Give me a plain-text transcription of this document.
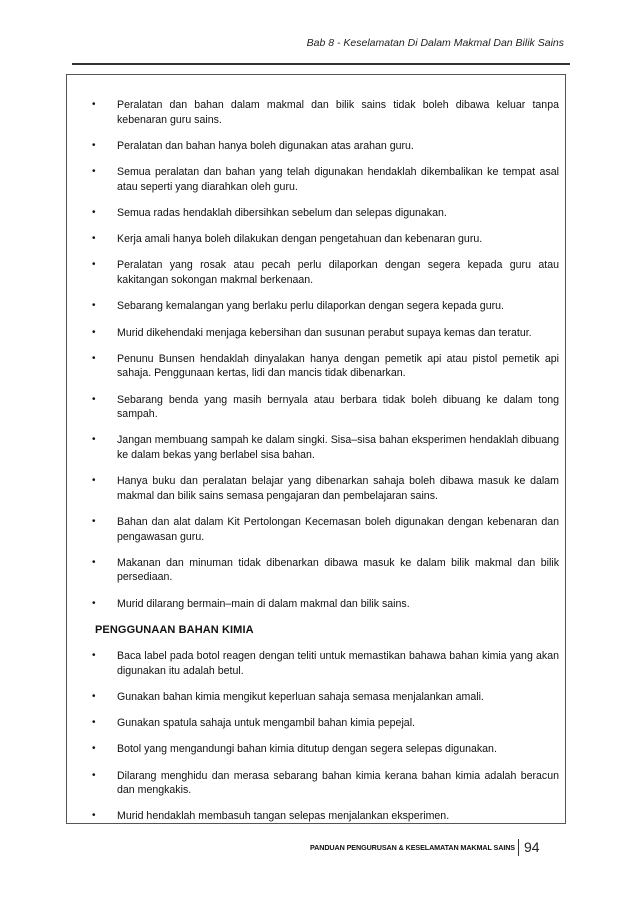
Bab 8 - Keselamatan Di Dalam Makmal Dan Bilik Sains
• Peralatan dan bahan dalam makmal dan bilik sains tidak boleh dibawa keluar tanpa kebenaran guru sains.
• Peralatan dan bahan hanya boleh digunakan atas arahan guru.
• Semua peralatan dan bahan yang telah digunakan hendaklah dikembalikan ke tempat asal atau seperti yang diarahkan oleh guru.
• Semua radas hendaklah dibersihkan sebelum dan selepas digunakan.
• Kerja amali hanya boleh dilakukan dengan pengetahuan dan kebenaran guru.
• Peralatan yang rosak atau pecah perlu dilaporkan dengan segera kepada guru atau kakitangan sokongan makmal berkenaan.
• Sebarang kemalangan yang berlaku perlu dilaporkan dengan segera kepada guru.
• Murid dikehendaki menjaga kebersihan dan susunan perabut supaya kemas dan teratur.
• Penunu Bunsen hendaklah dinyalakan hanya dengan pemetik api atau pistol pemetik api sahaja. Penggunaan kertas, lidi dan mancis tidak dibenarkan.
• Sebarang benda yang masih bernyala atau berbara tidak boleh dibuang ke dalam tong sampah.
• Jangan membuang sampah ke dalam singki. Sisa–sisa bahan eksperimen hendaklah dibuang ke dalam bekas yang berlabel sisa bahan.
• Hanya buku dan peralatan belajar yang dibenarkan sahaja boleh dibawa masuk ke dalam makmal dan bilik sains semasa pengajaran dan pembelajaran sains.
• Bahan dan alat dalam Kit Pertolongan Kecemasan boleh digunakan dengan kebenaran dan pengawasan guru.
• Makanan dan minuman tidak dibenarkan dibawa masuk ke dalam bilik makmal dan bilik persediaan.
• Murid dilarang bermain–main di dalam makmal dan bilik sains.
PENGGUNAAN BAHAN KIMIA
• Baca label pada botol reagen dengan teliti untuk memastikan bahawa bahan kimia yang akan digunakan itu adalah betul.
• Gunakan bahan kimia mengikut keperluan sahaja semasa menjalankan amali.
• Gunakan spatula sahaja untuk mengambil bahan kimia pepejal.
• Botol yang mengandungi bahan kimia ditutup dengan segera selepas digunakan.
• Dilarang menghidu dan merasa sebarang bahan kimia kerana bahan kimia adalah beracun dan mengkakis.
• Murid hendaklah membasuh tangan selepas menjalankan eksperimen.
PANDUAN PENGURUSAN & KESELAMATAN MAKMAL SAINS 94
